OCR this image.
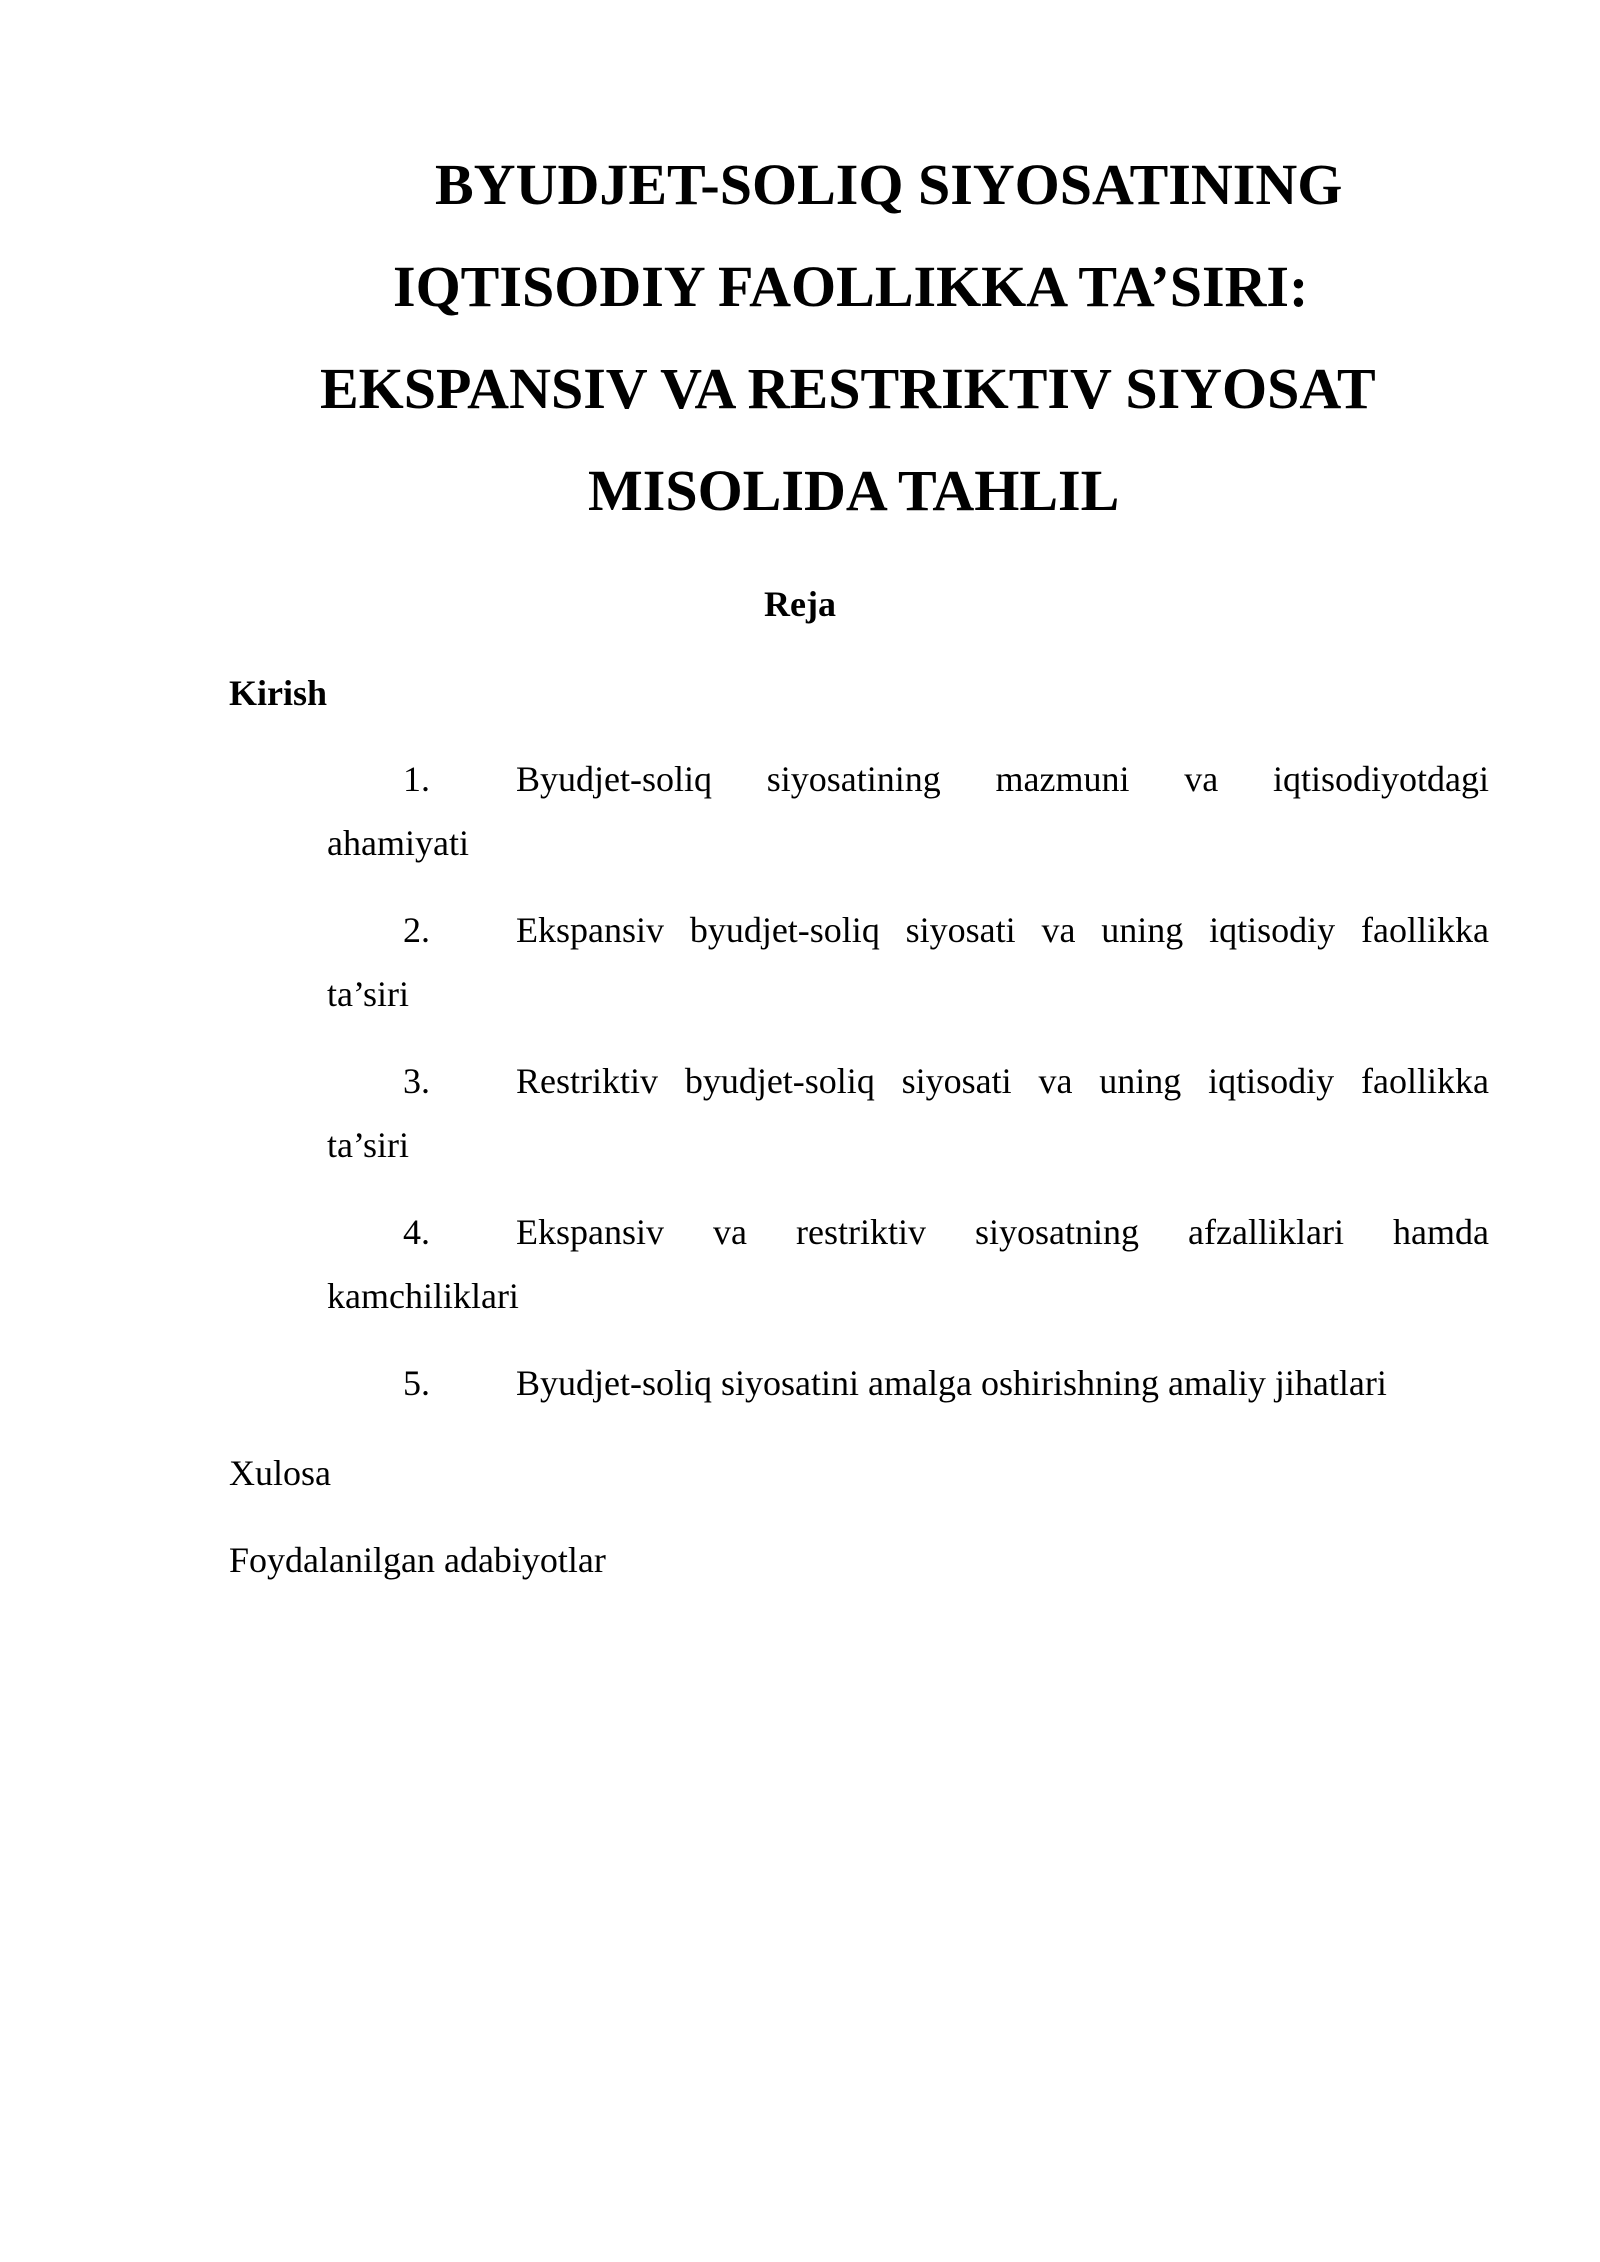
BYUDJET-SOLIQ SIYOSATINING
IQTISODIY FAOLLIKKA TA’SIRI:
EKSPANSIV VA RESTRIKTIV SIYOSAT
MISOLIDA TAHLIL
Reja
Kirish
1. Byudjet-soliq siyosatining mazmuni va iqtisodiyotdagi
ahamiyati
2. Ekspansiv byudjet-soliq siyosati va uning iqtisodiy faollikka
ta’siri
3. Restriktiv byudjet-soliq siyosati va uning iqtisodiy faollikka
ta’siri
4. Ekspansiv va restriktiv siyosatning afzalliklari hamda
kamchiliklari
5. Byudjet-soliq siyosatini amalga oshirishning amaliy jihatlari
Xulosa
Foydalanilgan adabiyotlar
